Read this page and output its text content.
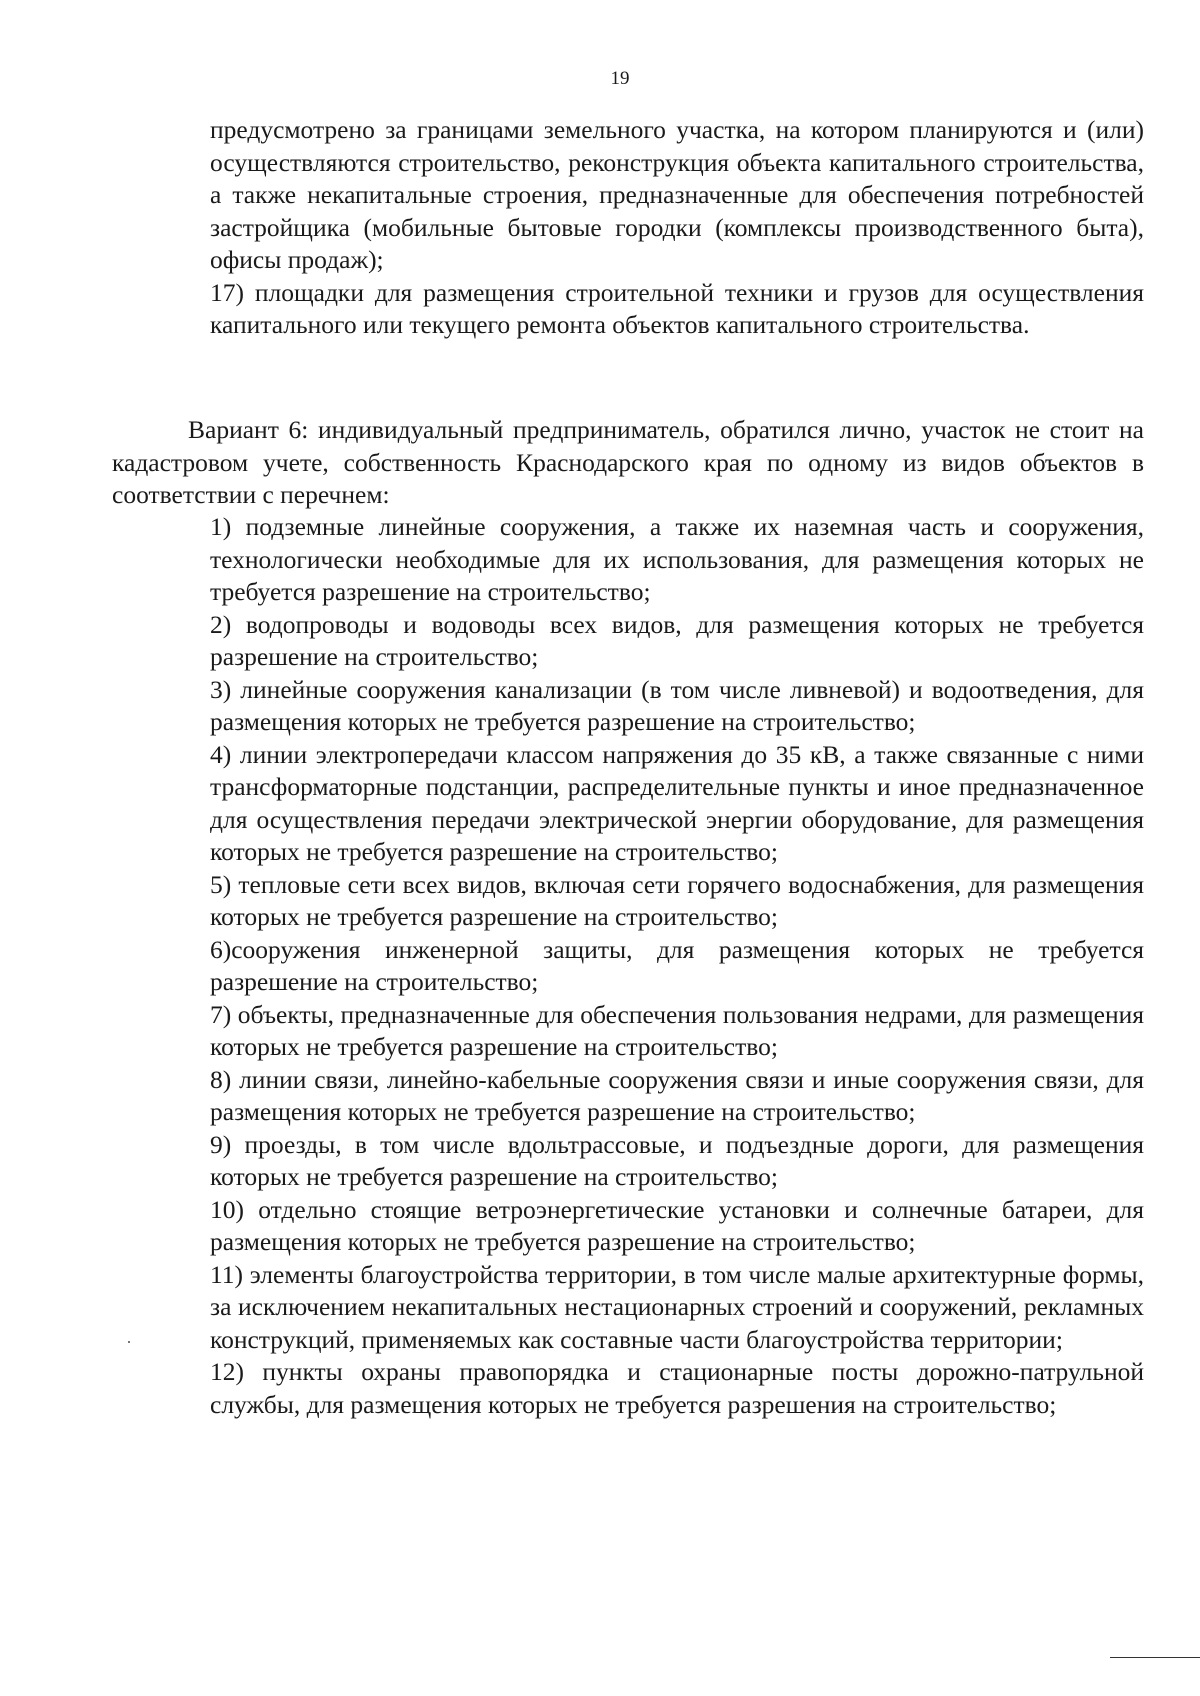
19

предусмотрено за границами земельного участка, на котором планируются и (или) осуществляются строительство, реконструкция объекта капитального строительства, а также некапитальные строения, предназначенные для обеспечения потребностей застройщика (мобильные бытовые городки (комплексы производственного быта), офисы продаж);

17) площадки для размещения строительной техники и грузов для осуществления капитального или текущего ремонта объектов капитального строительства.

Вариант 6: индивидуальный предприниматель, обратился лично, участок не стоит на кадастровом учете, собственность Краснодарского края по одному из видов объектов в соответствии с перечнем:

1) подземные линейные сооружения, а также их наземная часть и сооружения, технологически необходимые для их использования, для размещения которых не требуется разрешение на строительство;

2) водопроводы и водоводы всех видов, для размещения которых не требуется разрешение на строительство;

3) линейные сооружения канализации (в том числе ливневой) и водоотведения, для размещения которых не требуется разрешение на строительство;

4) линии электропередачи классом напряжения до 35 кВ, а также связанные с ними трансформаторные подстанции, распределительные пункты и иное предназначенное для осуществления передачи электрической энергии оборудование, для размещения которых не требуется разрешение на строительство;

5) тепловые сети всех видов, включая сети горячего водоснабжения, для размещения которых не требуется разрешение на строительство;

6)сооружения инженерной защиты, для размещения которых не требуется разрешение на строительство;

7) объекты, предназначенные для обеспечения пользования недрами, для размещения которых не требуется разрешение на строительство;

8) линии связи, линейно-кабельные сооружения связи и иные сооружения связи, для размещения которых не требуется разрешение на строительство;

9) проезды, в том числе вдольтрассовые, и подъездные дороги, для размещения которых не требуется разрешение на строительство;

10) отдельно стоящие ветроэнергетические установки и солнечные батареи, для размещения которых не требуется разрешение на строительство;

11) элементы благоустройства территории, в том числе малые архитектурные формы, за исключением некапитальных нестационарных строений и сооружений, рекламных конструкций, применяемых как составные части благоустройства территории;

12) пункты охраны правопорядка и стационарные посты дорожно-патрульной службы, для размещения которых не требуется разрешения на строительство;
